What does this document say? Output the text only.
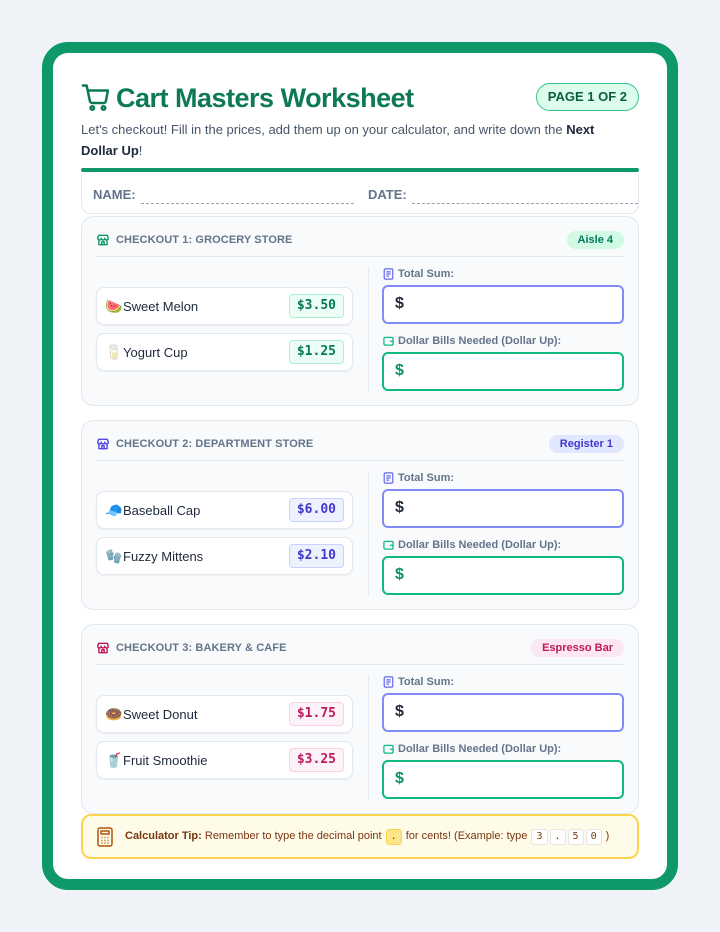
Cart Masters Worksheet	PAGE 1 OF 2
Let's checkout! Fill in the prices, add them up on your calculator, and write down the Next Dollar Up!
NAME:	DATE:
CHECKOUT 1: GROCERY STORE	Aisle 4
🍉 Sweet Melon	$3.50
🥛 Yogurt Cup	$1.25
Total Sum:
$
Dollar Bills Needed (Dollar Up):
$
CHECKOUT 2: DEPARTMENT STORE	Register 1
🧢 Baseball Cap	$6.00
🧤 Fuzzy Mittens	$2.10
Total Sum:
$
Dollar Bills Needed (Dollar Up):
$
CHECKOUT 3: BAKERY & CAFE	Espresso Bar
🍩 Sweet Donut	$1.75
🥤 Fruit Smoothie	$3.25
Total Sum:
$
Dollar Bills Needed (Dollar Up):
$
Calculator Tip: Remember to type the decimal point . for cents! (Example: type 3 . 5 0 )
